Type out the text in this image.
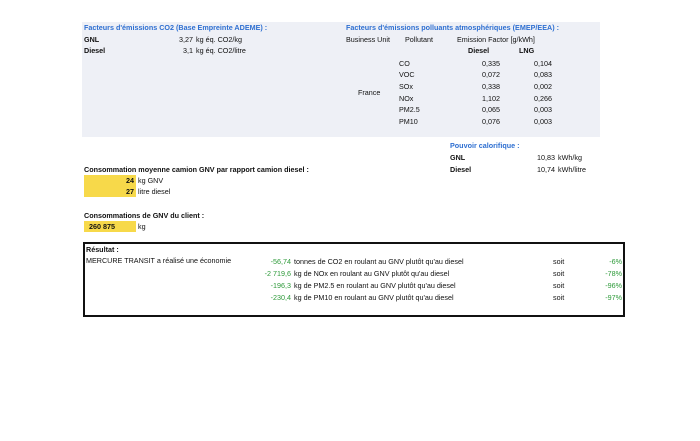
Facteurs d'émissions CO2 (Base Empreinte ADEME) :
GNL	3,27 kg éq. CO2/kg
Diesel	3,1 kg éq. CO2/litre
Facteurs d'émissions polluants atmosphériques (EMEP/EEA) :
Business Unit Pollutant	Emission Factor [g/kWh]
Diesel	LNG
France
CO	0,335	0,104
VOC	0,072	0,083
SOx	0,338	0,002
NOx	1,102	0,266
PM2.5	0,065	0,003
PM10	0,076	0,003
Pouvoir calorifique :
GNL	10,83 kWh/kg
Diesel	10,74 kWh/litre
Consommation moyenne camion GNV par rapport camion diesel :
24 kg GNV
27 litre diesel
Consommations de GNV du client :
260 875	kg
Résultat :
MERCURE TRANSIT a réalisé une économie	-56,74 tonnes de CO2 en roulant au GNV plutôt qu'au diesel	soit	-6%
-2 719,6 kg de NOx en roulant au GNV plutôt qu'au diesel	soit	-78%
-196,3 kg de PM2.5 en roulant au GNV plutôt qu'au diesel	soit	-96%
-230,4 kg de PM10 en roulant au GNV plutôt qu'au diesel	soit	-97%
